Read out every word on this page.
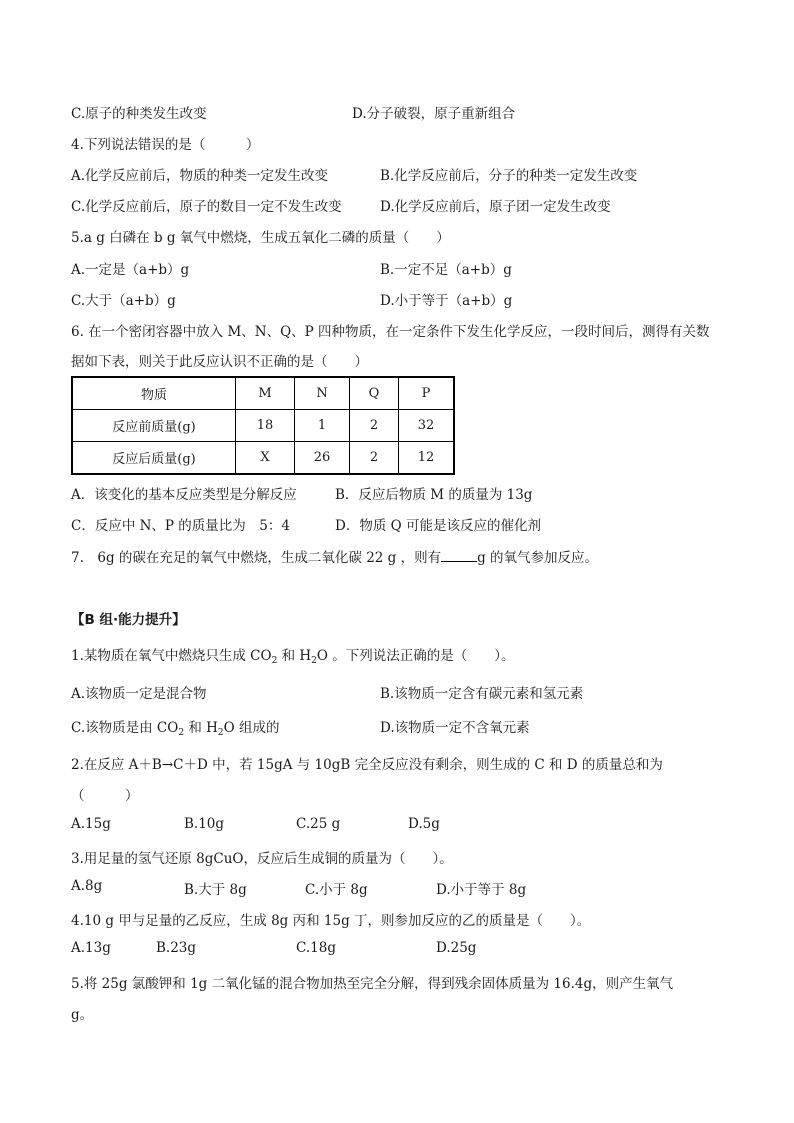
C.原子的种类发生改变	D.分子破裂，原子重新组合
4.下列说法错误的是（　　　）
A.化学反应前后，物质的种类一定发生改变	B.化学反应前后，分子的种类一定发生改变
C.化学反应前后，原子的数目一定不发生改变	D.化学反应前后，原子团一定发生改变
5.a g 白磷在 b g 氧气中燃烧，生成五氧化二磷的质量（　　）
A.一定是（a+b）g	B.一定不足（a+b）g
C.大于（a+b）g	D.小于等于（a+b）g
6. 在一个密闭容器中放入 M、N、Q、P 四种物质，在一定条件下发生化学反应，一段时间后，测得有关数
据如下表，则关于此反应认识不正确的是（　　）
物质	M	N	Q	P
反应前质量(g)	18	1	2	32
反应后质量(g)	X	26	2	12
A．该变化的基本反应类型是分解反应	B．反应后物质 M 的质量为 13g
C．反应中 N、P 的质量比为　5：4	D．物质 Q 可能是该反应的催化剂
7.　6g 的碳在充足的氧气中燃烧，生成二氧化碳 22 g ，则有	g 的氧气参加反应。
【B 组·能力提升】
1.某物质在氧气中燃烧只生成 $CO_2$ 和 $H_2O$ 。下列说法正确的是（　　）。
A.该物质一定是混合物	B.该物质一定含有碳元素和氢元素
C.该物质是由 $CO_2$ 和 $H_2O$ 组成的	D.该物质一定不含氧元素
2.在反应 A＋B→C＋D 中，若 15gA 与 10gB 完全反应没有剩余，则生成的 C 和 D 的质量总和为
（　　　）
A.15g	B.10g	C.25 g	D.5g
3.用足量的氢气还原 8gCuO，反应后生成铜的质量为（　　）。
A.8g	B.大于 8g	C.小于 8g	D.小于等于 8g
4.10 g 甲与足量的乙反应，生成 8g 丙和 15g 丁，则参加反应的乙的质量是（　　）。
A.13g	B.23g	C.18g	D.25g
5.将 25g 氯酸钾和 1g 二氧化锰的混合物加热至完全分解，得到残余固体质量为 16.4g，则产生氧气
g。
